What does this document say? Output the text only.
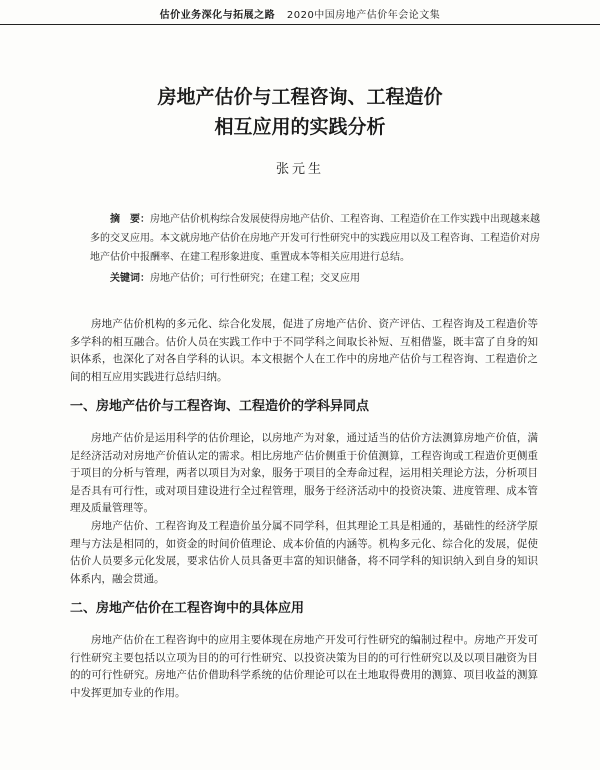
估价业务深化与拓展之路 2020中国房地产估价年会论文集
房地产估价与工程咨询、工程造价
相互应用的实践分析
张元生

摘　要：房地产估价机构综合发展使得房地产估价、工程咨询、工程造价在工作实践中出现越来越多的交叉应用。本文就房地产估价在房地产开发可行性研究中的实践应用以及工程咨询、工程造价对房地产估价中报酬率、在建工程形象进度、重置成本等相关应用进行总结。

关键词：房地产估价；可行性研究；在建工程；交叉应用

房地产估价机构的多元化、综合化发展，促进了房地产估价、资产评估、工程咨询及工程造价等多学科的相互融合。估价人员在实践工作中于不同学科之间取长补短、互相借鉴，既丰富了自身的知识体系，也深化了对各自学科的认识。本文根据个人在工作中的房地产估价与工程咨询、工程造价之间的相互应用实践进行总结归纳。

一、房地产估价与工程咨询、工程造价的学科异同点

房地产估价是运用科学的估价理论，以房地产为对象，通过适当的估价方法测算房地产价值，满足经济活动对房地产价值认定的需求。相比房地产估价侧重于价值测算，工程咨询或工程造价更侧重于项目的分析与管理，两者以项目为对象，服务于项目的全寿命过程，运用相关理论方法，分析项目是否具有可行性，或对项目建设进行全过程管理，服务于经济活动中的投资决策、进度管理、成本管理及质量管理等。

房地产估价、工程咨询及工程造价虽分属不同学科，但其理论工具是相通的，基础性的经济学原理与方法是相同的，如资金的时间价值理论、成本价值的内涵等。机构多元化、综合化的发展，促使估价人员要多元化发展，要求估价人员具备更丰富的知识储备，将不同学科的知识纳入到自身的知识体系内，融会贯通。

二、房地产估价在工程咨询中的具体应用

房地产估价在工程咨询中的应用主要体现在房地产开发可行性研究的编制过程中。房地产开发可行性研究主要包括以立项为目的的可行性研究、以投资决策为目的的可行性研究以及以项目融资为目的的可行性研究。房地产估价借助科学系统的估价理论可以在土地取得费用的测算、项目收益的测算中发挥更加专业的作用。
